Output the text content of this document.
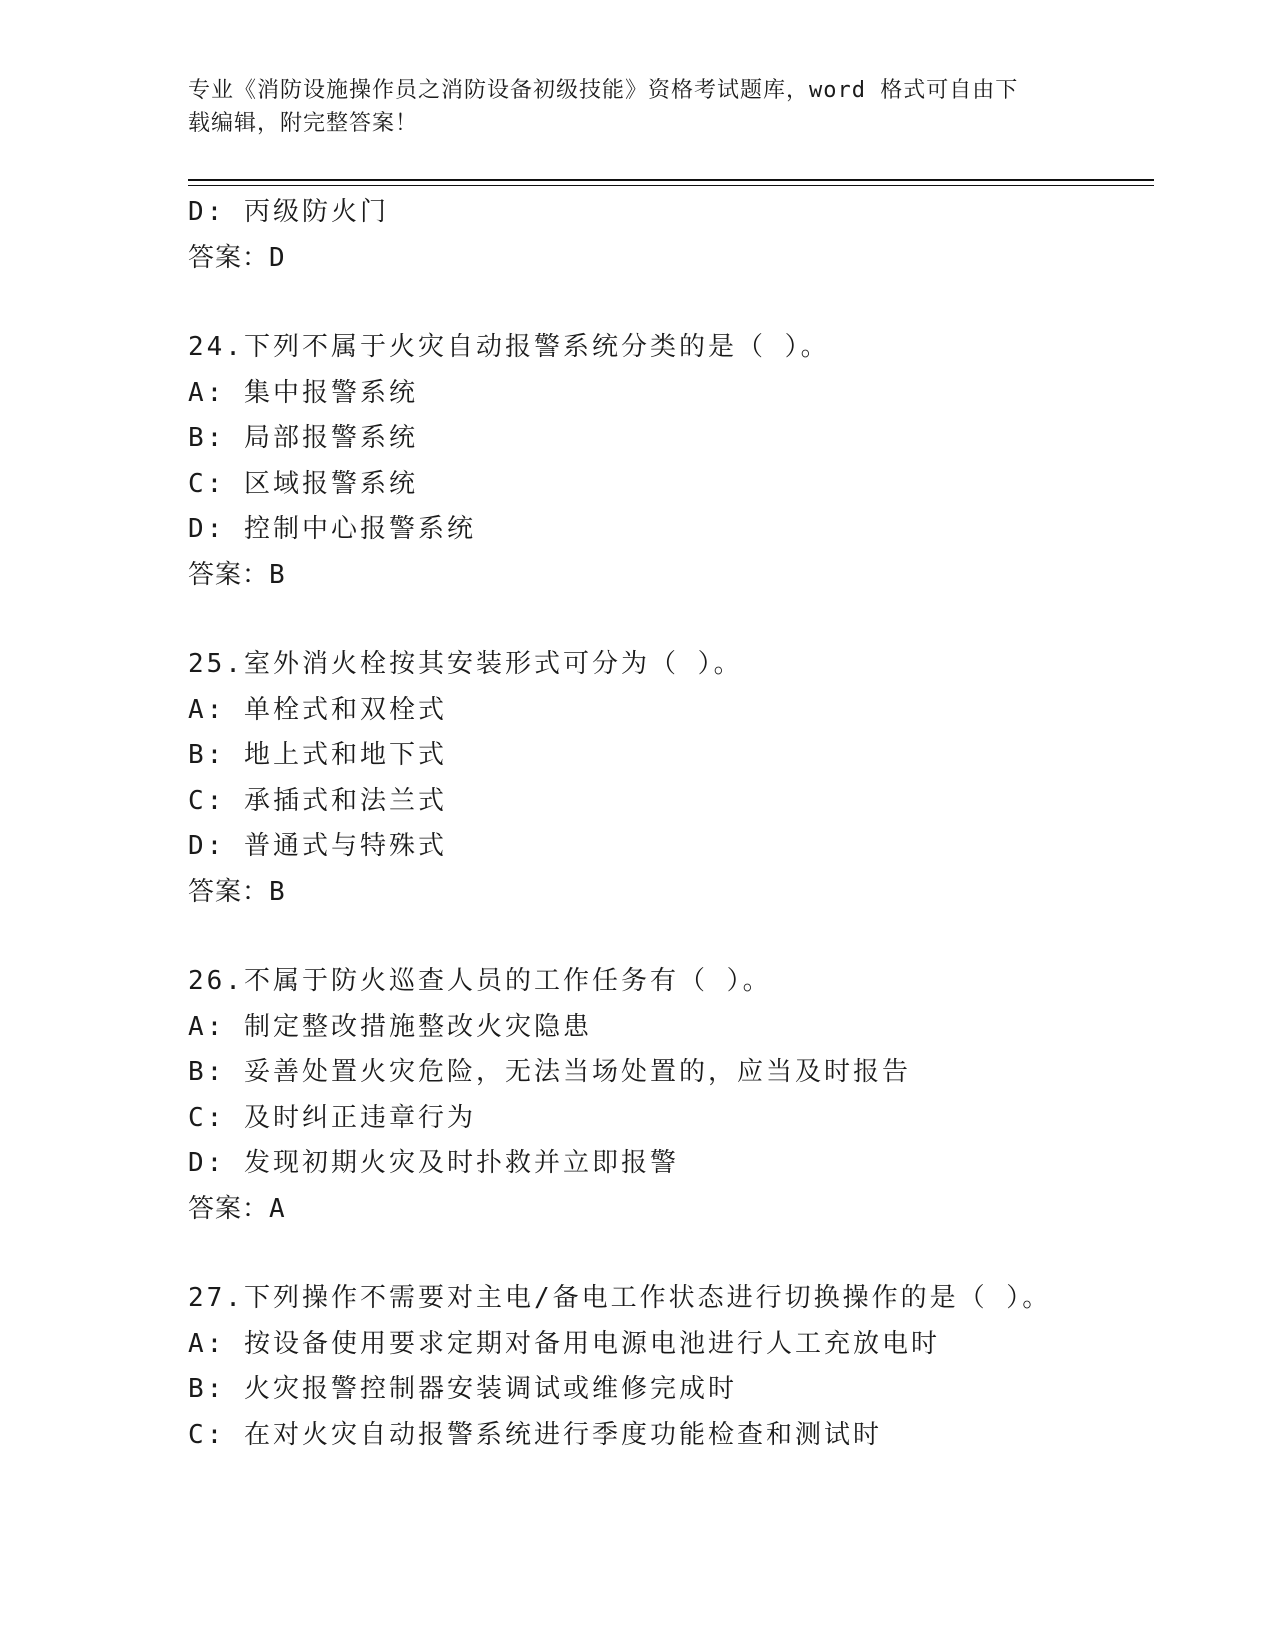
专业《消防设施操作员之消防设备初级技能》资格考试题库，word 格式可自由下
载编辑，附完整答案！
D: 丙级防火门
答案：D
24.下列不属于火灾自动报警系统分类的是（ ）。
A: 集中报警系统
B: 局部报警系统
C: 区域报警系统
D: 控制中心报警系统
答案：B
25.室外消火栓按其安装形式可分为（ ）。
A: 单栓式和双栓式
B: 地上式和地下式
C: 承插式和法兰式
D: 普通式与特殊式
答案：B
26.不属于防火巡查人员的工作任务有（ ）。
A: 制定整改措施整改火灾隐患
B: 妥善处置火灾危险，无法当场处置的，应当及时报告
C: 及时纠正违章行为
D: 发现初期火灾及时扑救并立即报警
答案：A
27.下列操作不需要对主电/备电工作状态进行切换操作的是（ ）。
A: 按设备使用要求定期对备用电源电池进行人工充放电时
B: 火灾报警控制器安装调试或维修完成时
C: 在对火灾自动报警系统进行季度功能检查和测试时
